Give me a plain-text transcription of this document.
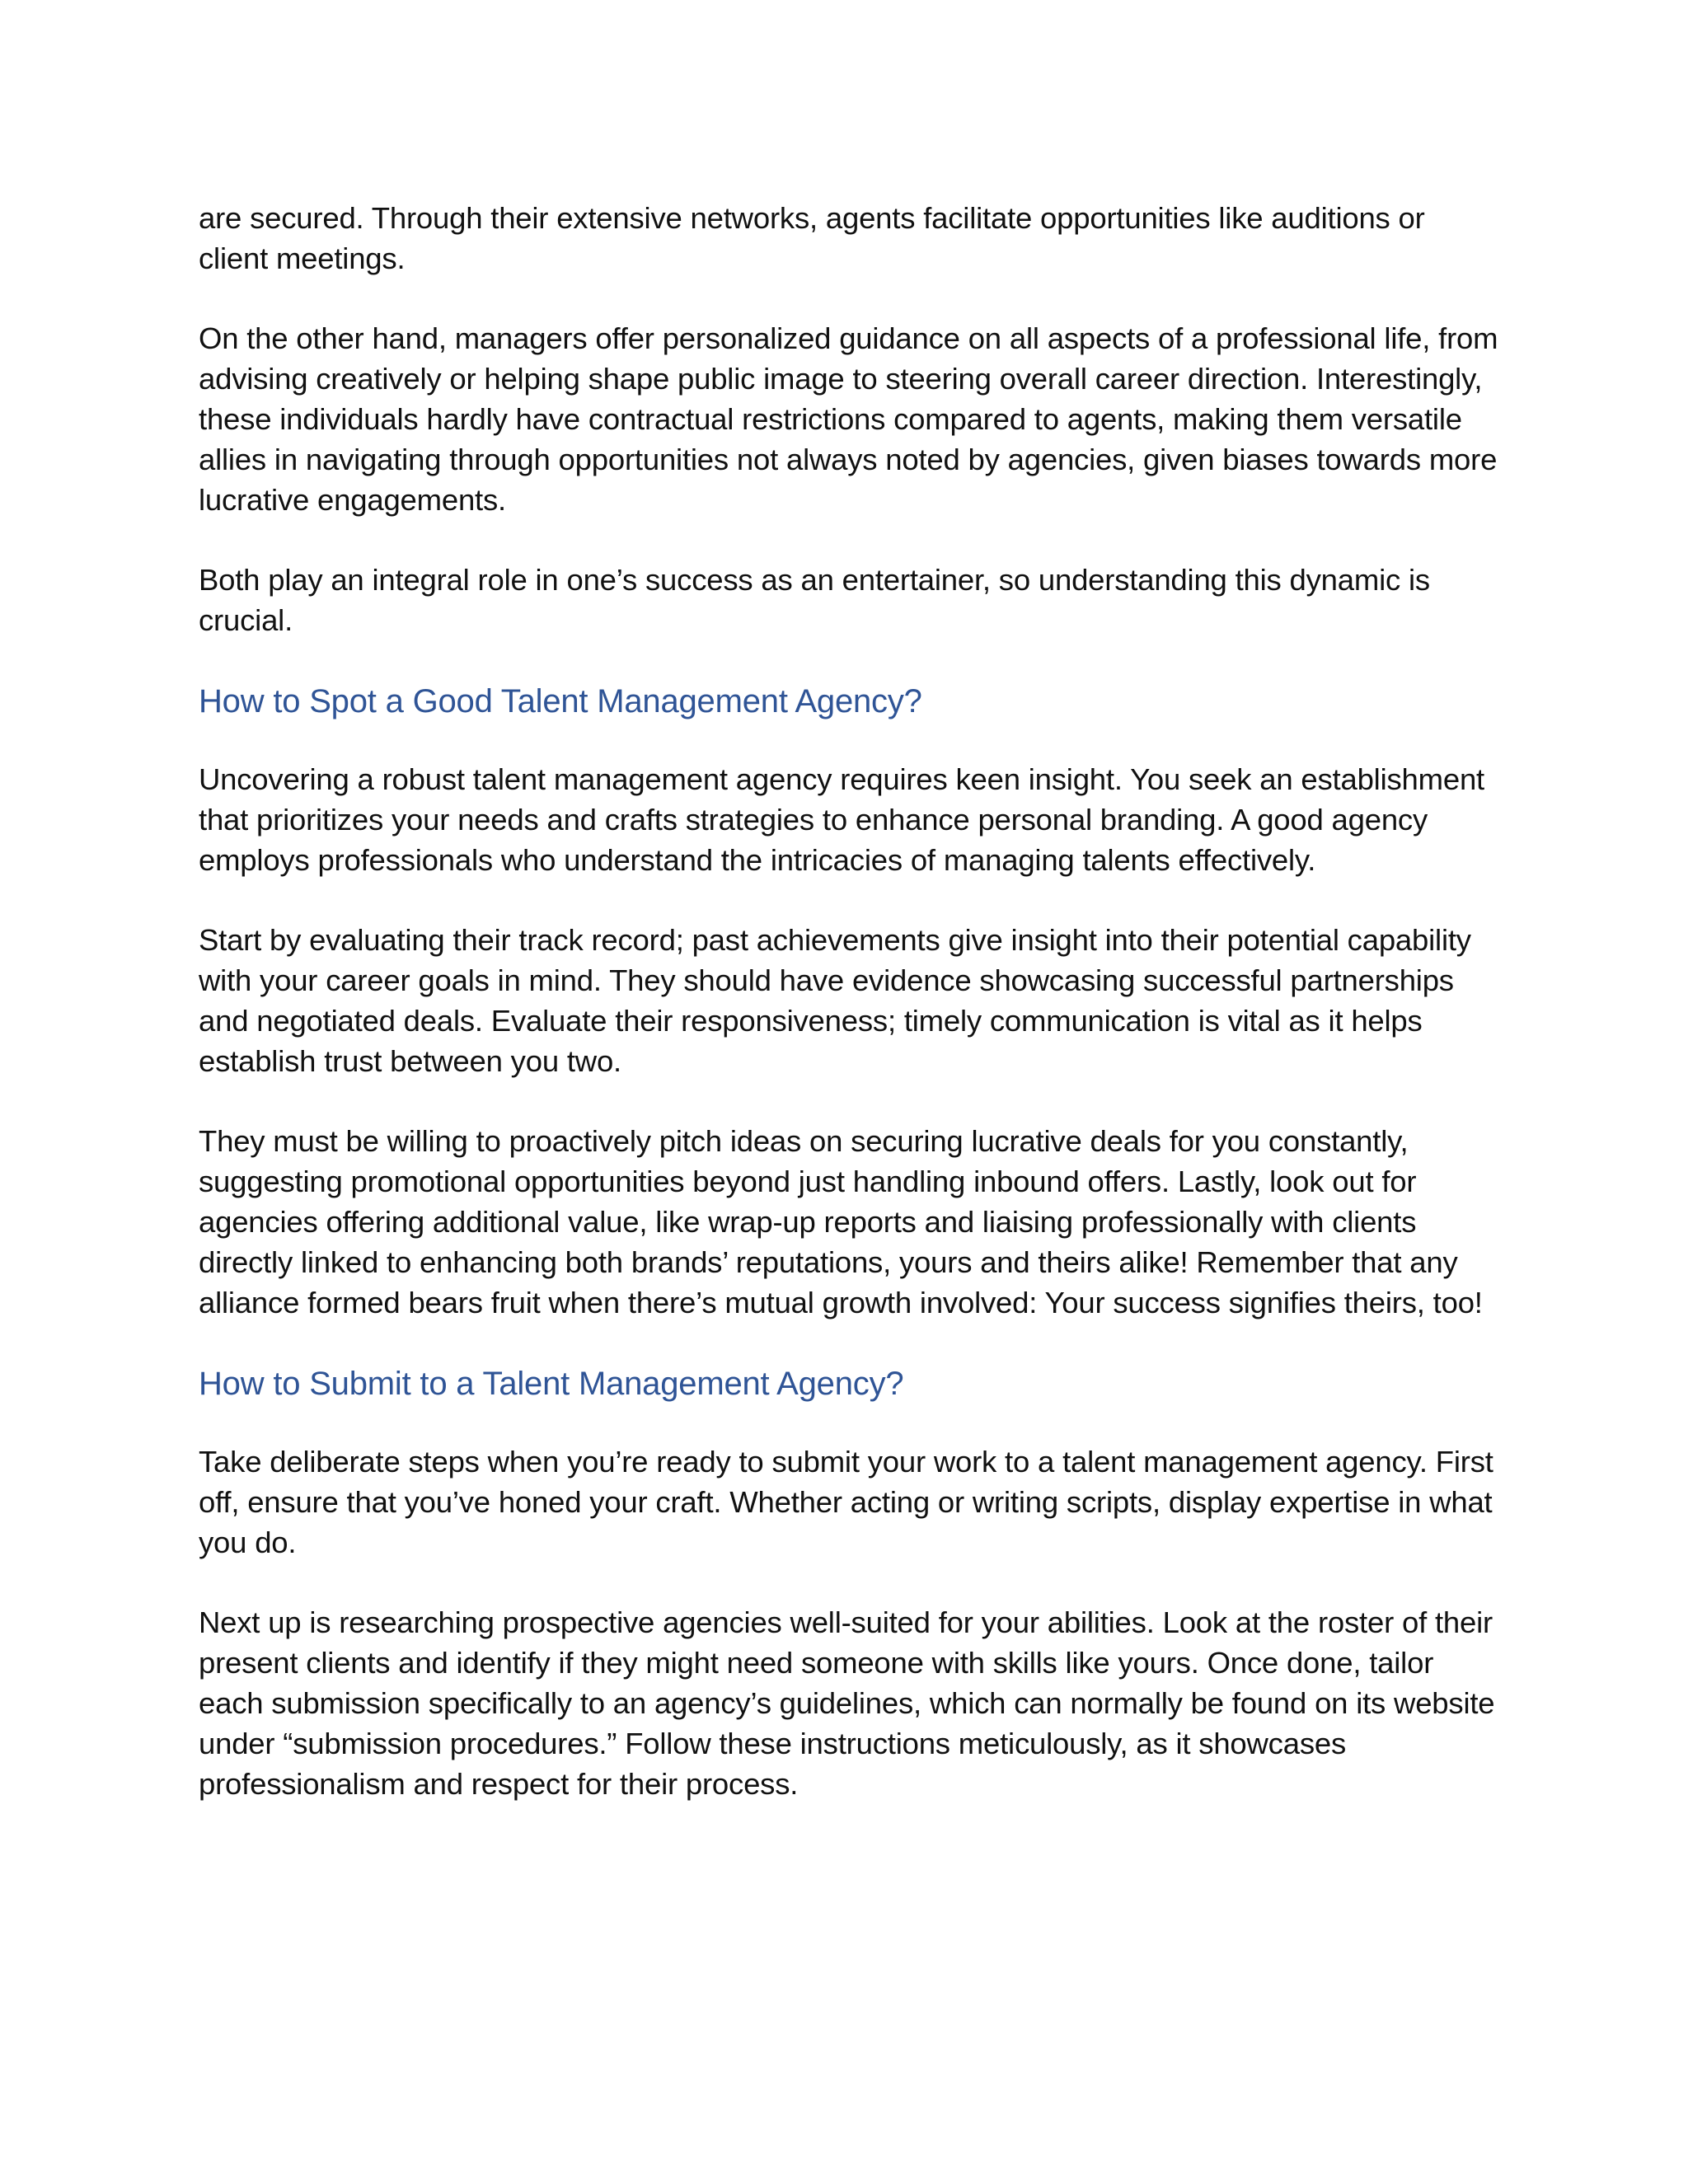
are secured. Through their extensive networks, agents facilitate opportunities like auditions or client meetings.

On the other hand, managers offer personalized guidance on all aspects of a professional life, from advising creatively or helping shape public image to steering overall career direction. Interestingly, these individuals hardly have contractual restrictions compared to agents, making them versatile allies in navigating through opportunities not always noted by agencies, given biases towards more lucrative engagements.

Both play an integral role in one’s success as an entertainer, so understanding this dynamic is crucial.

How to Spot a Good Talent Management Agency?

Uncovering a robust talent management agency requires keen insight. You seek an establishment that prioritizes your needs and crafts strategies to enhance personal branding. A good agency employs professionals who understand the intricacies of managing talents effectively.

Start by evaluating their track record; past achievements give insight into their potential capability with your career goals in mind. They should have evidence showcasing successful partnerships and negotiated deals. Evaluate their responsiveness; timely communication is vital as it helps establish trust between you two.

They must be willing to proactively pitch ideas on securing lucrative deals for you constantly, suggesting promotional opportunities beyond just handling inbound offers. Lastly, look out for agencies offering additional value, like wrap-up reports and liaising professionally with clients directly linked to enhancing both brands’ reputations, yours and theirs alike! Remember that any alliance formed bears fruit when there’s mutual growth involved: Your success signifies theirs, too!

How to Submit to a Talent Management Agency?

Take deliberate steps when you’re ready to submit your work to a talent management agency. First off, ensure that you’ve honed your craft. Whether acting or writing scripts, display expertise in what you do.

Next up is researching prospective agencies well-suited for your abilities. Look at the roster of their present clients and identify if they might need someone with skills like yours. Once done, tailor each submission specifically to an agency’s guidelines, which can normally be found on its website under “submission procedures.” Follow these instructions meticulously, as it showcases professionalism and respect for their process.
